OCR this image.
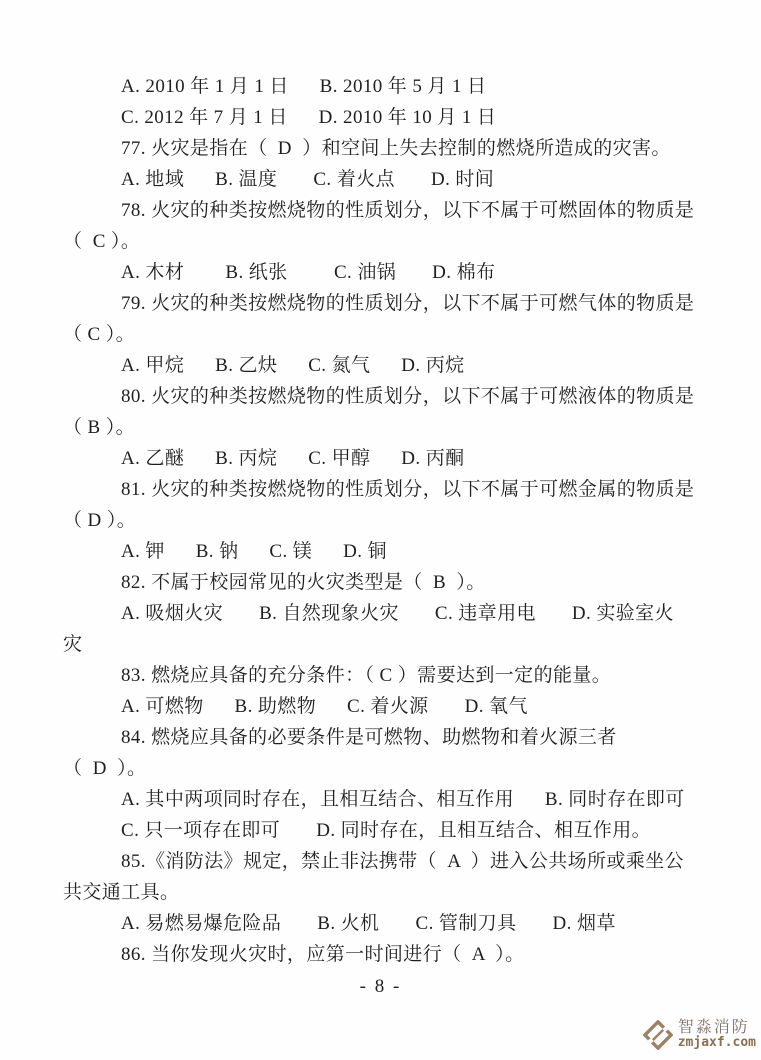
A. 2010 年 1 月 1 日      B. 2010 年 5 月 1 日
C. 2012 年 7 月 1 日      D. 2010 年 10 月 1 日
77. 火灾是指在（  D  ）和空间上失去控制的燃烧所造成的灾害。
A. 地域      B. 温度       C. 着火点       D. 时间
78. 火灾的种类按燃烧物的性质划分，以下不属于可燃固体的物质是
（  C ）。
A. 木材        B. 纸张         C. 油锅       D. 棉布
79. 火灾的种类按燃烧物的性质划分，以下不属于可燃气体的物质是
（ C ）。
A. 甲烷      B. 乙炔      C. 氮气      D. 丙烷
80. 火灾的种类按燃烧物的性质划分，以下不属于可燃液体的物质是
（ B ）。
A. 乙醚      B. 丙烷      C. 甲醇      D. 丙酮
81. 火灾的种类按燃烧物的性质划分，以下不属于可燃金属的物质是
（ D ）。
A. 钾      B. 钠      C. 镁      D. 铜
82. 不属于校园常见的火灾类型是（  B  ）。
A. 吸烟火灾       B. 自然现象火灾       C. 违章用电       D. 实验室火
灾
83. 燃烧应具备的充分条件：（ C ）需要达到一定的能量。
A. 可燃物      B. 助燃物      C. 着火源       D. 氧气
84. 燃烧应具备的必要条件是可燃物、助燃物和着火源三者
（  D  ）。
A. 其中两项同时存在，且相互结合、相互作用      B. 同时存在即可
C. 只一项存在即可       D. 同时存在，且相互结合、相互作用。
85.《消防法》规定，禁止非法携带（  A  ）进入公共场所或乘坐公
共交通工具。
A. 易燃易爆危险品       B. 火机       C. 管制刀具       D. 烟草
86. 当你发现火灾时，应第一时间进行（  A  ）。
- 8 -
智淼消防
zmjaxf.com
